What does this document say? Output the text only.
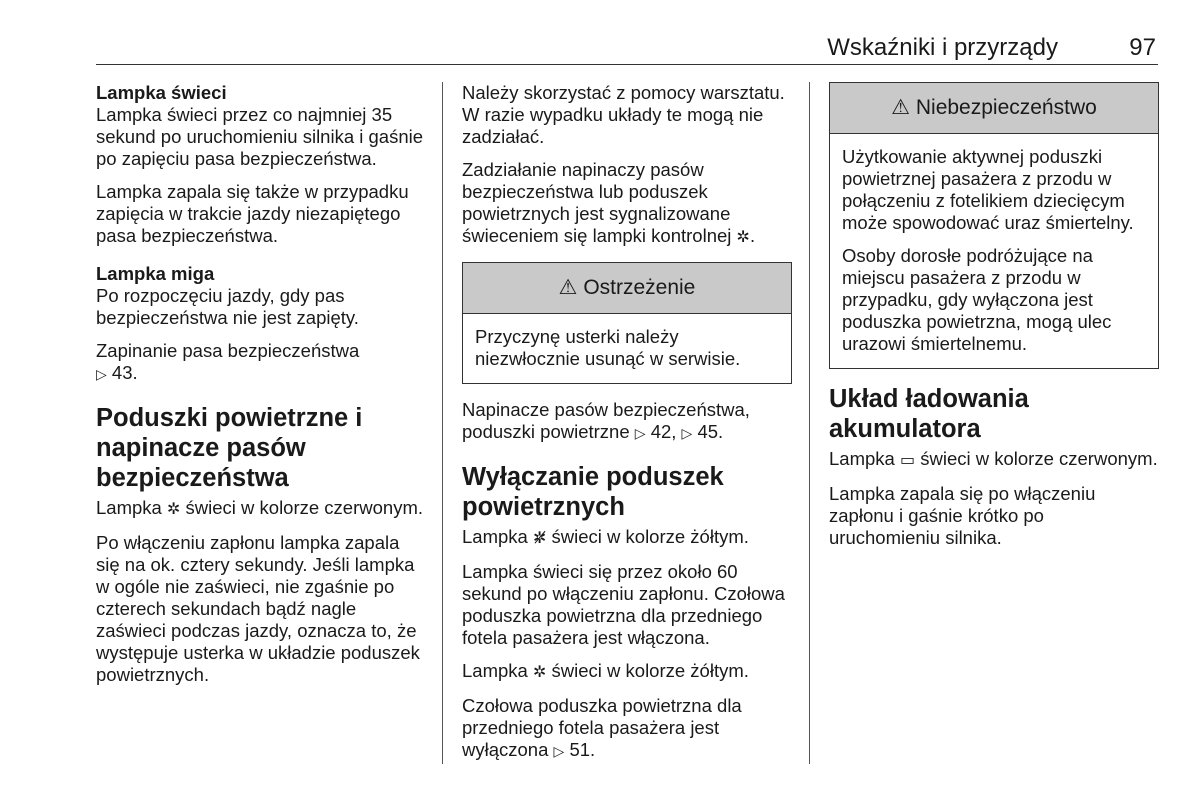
Wskaźniki i przyrządy	97

Lampka świeci

Lampka świeci przez co najmniej 35 sekund po uruchomieniu silnika i gaśnie po zapięciu pasa bezpieczeństwa.

Lampka zapala się także w przypadku zapięcia w trakcie jazdy niezapiętego pasa bezpieczeństwa.

Lampka miga

Po rozpoczęciu jazdy, gdy pas bezpieczeństwa nie jest zapięty.

Zapinanie pasa bezpieczeństwa
▷ 43.

Poduszki powietrzne i napinacze pasów bezpieczeństwa

Lampka ✲ świeci w kolorze czerwonym.

Po włączeniu zapłonu lampka zapala się na ok. cztery sekundy. Jeśli lampka w ogóle nie zaświeci, nie zgaśnie po czterech sekundach bądź nagle zaświeci podczas jazdy, oznacza to, że występuje usterka w układzie poduszek powietrznych.

Należy skorzystać z pomocy warsztatu. W razie wypadku układy te mogą nie zadziałać.

Zadziałanie napinaczy pasów bezpieczeństwa lub poduszek powietrznych jest sygnalizowane świeceniem się lampki kontrolnej ✲.

⚠ Ostrzeżenie

Przyczynę usterki należy niezwłocznie usunąć w serwisie.

Napinacze pasów bezpieczeństwa, poduszki powietrzne ▷ 42, ▷ 45.

Wyłączanie poduszek powietrznych

Lampka ✲̸ świeci w kolorze żółtym.

Lampka świeci się przez około 60 sekund po włączeniu zapłonu. Czołowa poduszka powietrzna dla przedniego fotela pasażera jest włączona.

Lampka ✲ świeci w kolorze żółtym.

Czołowa poduszka powietrzna dla przedniego fotela pasażera jest wyłączona ▷ 51.

⚠ Niebezpieczeństwo

Użytkowanie aktywnej poduszki powietrznej pasażera z przodu w połączeniu z fotelikiem dziecięcym może spowodować uraz śmiertelny.

Osoby dorosłe podróżujące na miejscu pasażera z przodu w przypadku, gdy wyłączona jest poduszka powietrzna, mogą ulec urazowi śmiertelnemu.

Układ ładowania akumulatora

Lampka ▭ świeci w kolorze czerwonym.

Lampka zapala się po włączeniu zapłonu i gaśnie krótko po uruchomieniu silnika.
